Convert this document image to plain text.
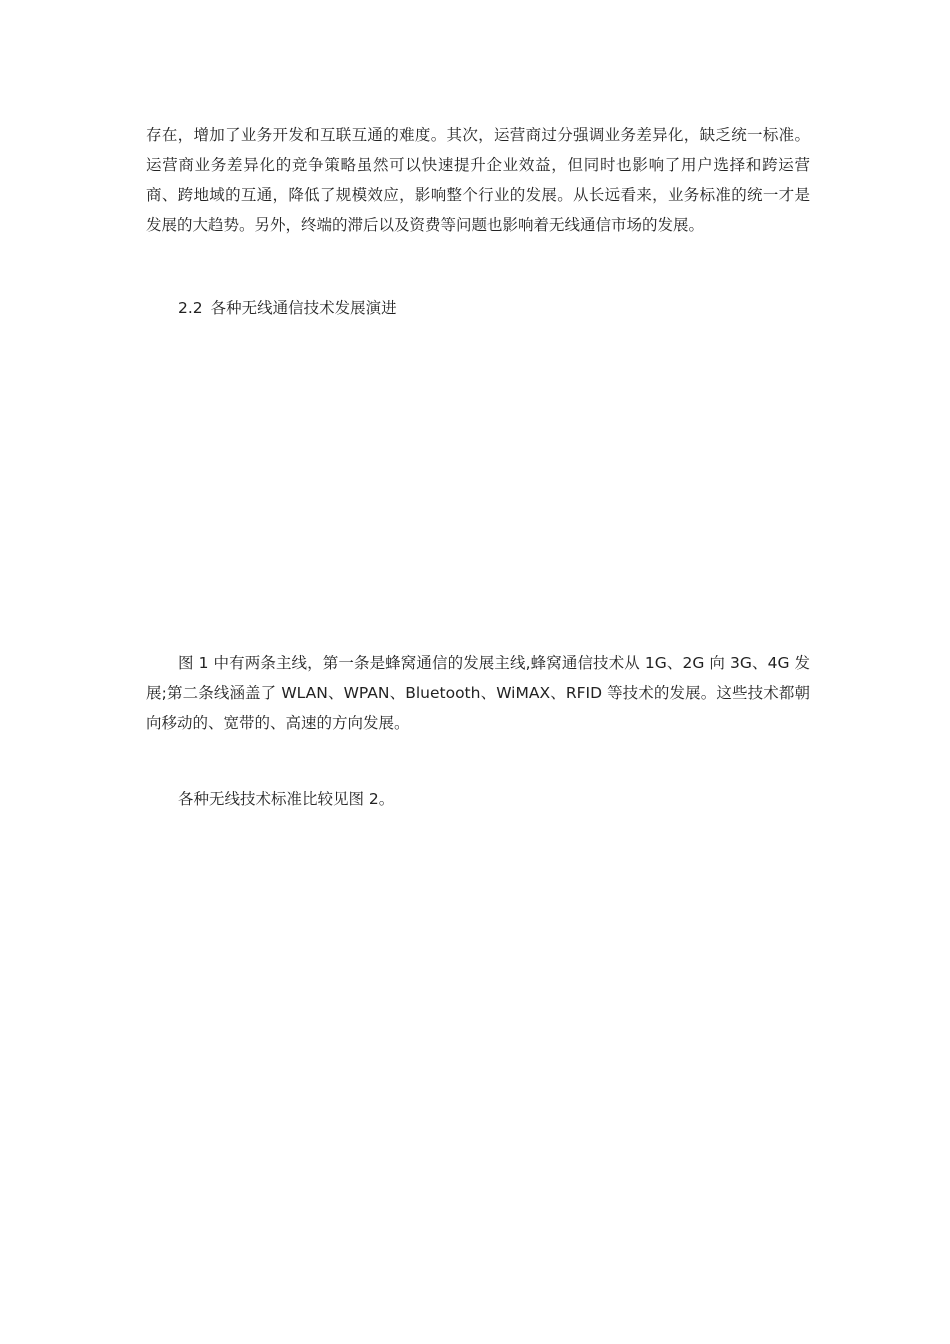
存在，增加了业务开发和互联互通的难度。其次，运营商过分强调业务差异化，缺乏统一标准。运营商业务差异化的竞争策略虽然可以快速提升企业效益，但同时也影响了用户选择和跨运营商、跨地域的互通，降低了规模效应，影响整个行业的发展。从长远看来，业务标准的统一才是发展的大趋势。另外，终端的滞后以及资费等问题也影响着无线通信市场的发展。

2.2 各种无线通信技术发展演进

图 1 中有两条主线，第一条是蜂窝通信的发展主线,蜂窝通信技术从 1G、2G 向 3G、4G 发展;第二条线涵盖了 WLAN、WPAN、Bluetooth、WiMAX、RFID 等技术的发展。这些技术都朝向移动的、宽带的、高速的方向发展。

各种无线技术标准比较见图 2。
